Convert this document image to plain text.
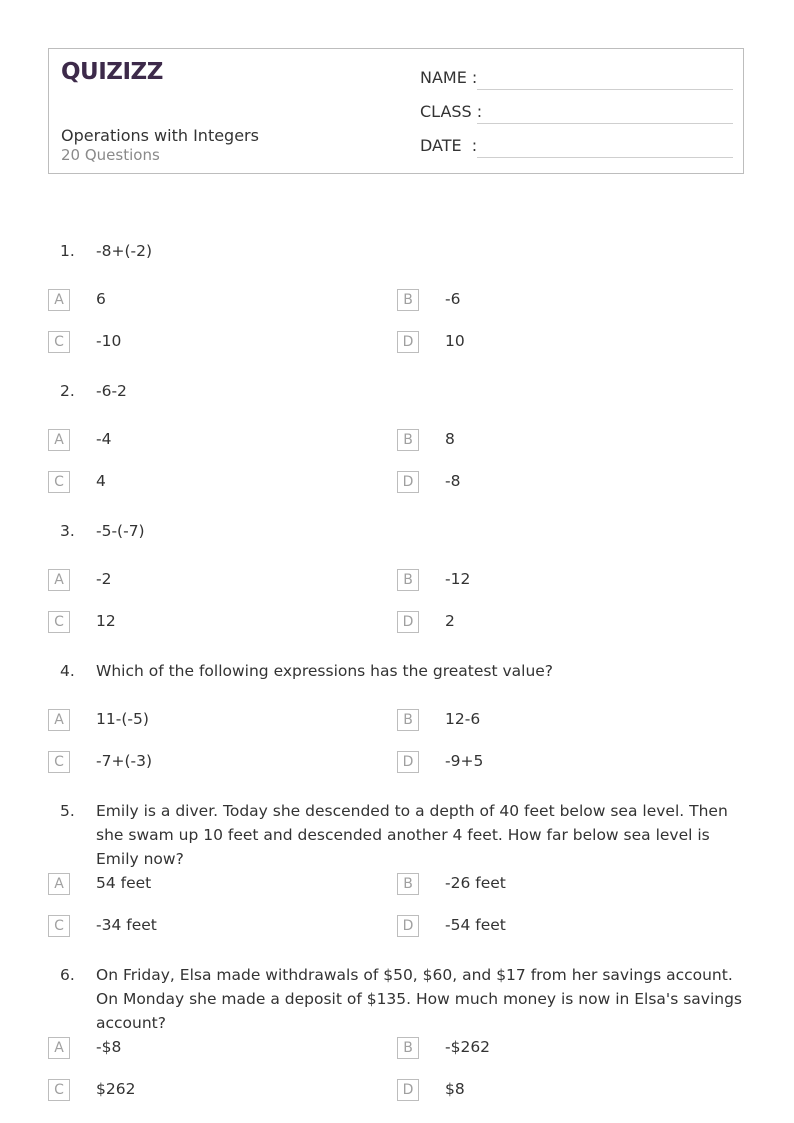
QUIZIZZ
Operations with Integers
20 Questions
NAME :
CLASS :
DATE  :
1. -8+(-2)
A	6	B	-6
C	-10	D	10
2. -6-2
A	-4	B	8
C	4	D	-8
3. -5-(-7)
A	-2	B	-12
C	12	D	2
4. Which of the following expressions has the greatest value?
A	11-(-5)	B	12-6
C	-7+(-3)	D	-9+5
5. Emily is a diver. Today she descended to a depth of 40 feet below sea level. Then she swam up 10 feet and descended another 4 feet. How far below sea level is Emily now?
A	54 feet	B	-26 feet
C	-34 feet	D	-54 feet
6. On Friday, Elsa made withdrawals of $50, $60, and $17 from her savings account. On Monday she made a deposit of $135. How much money is now in Elsa's savings account?
A	-$8	B	-$262
C	$262	D	$8
